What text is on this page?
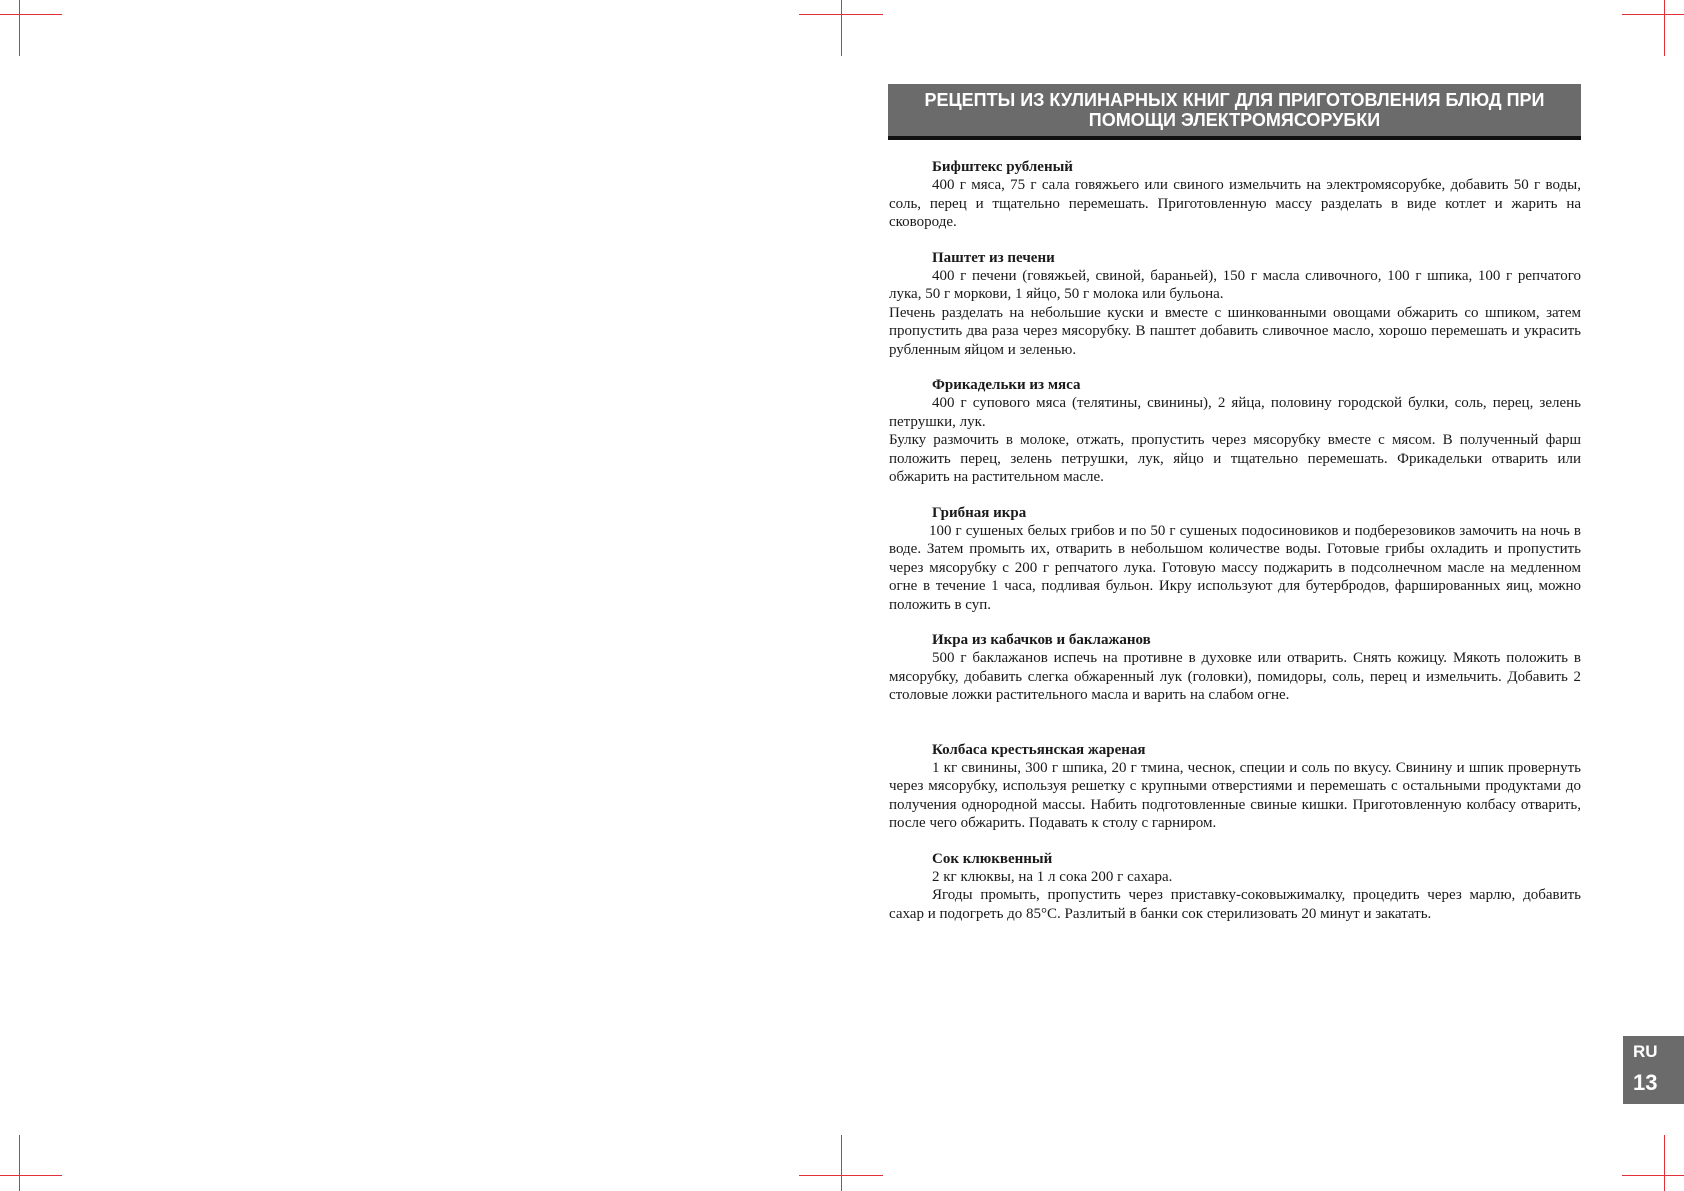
РЕЦЕПТЫ ИЗ КУЛИНАРНЫХ КНИГ ДЛЯ ПРИГОТОВЛЕНИЯ БЛЮД ПРИ
ПОМОЩИ ЭЛЕКТРОМЯСОРУБКИ
Бифштекс рубленый

400 г мяса, 75 г сала говяжьего или свиного измельчить на электромясорубке, добавить 50 г воды, соль, перец и тщательно перемешать. Приготовленную массу разделать в виде котлет и жарить на сковороде.

Паштет из печени

400 г печени (говяжьей, свиной, бараньей), 150 г масла сливочного, 100 г шпика, 100 г репчатого лука, 50 г моркови, 1 яйцо, 50 г молока или бульона.

Печень разделать на небольшие куски и вместе с шинкованными овощами обжарить со шпиком, затем пропустить два раза через мясорубку. В паштет добавить сливочное масло, хорошо перемешать и украсить рубленным яйцом и зеленью.

Фрикадельки из мяса

400 г супового мяса (телятины, свинины), 2 яйца, половину городской булки, соль, перец, зелень петрушки, лук.

Булку размочить в молоке, отжать, пропустить через мясорубку вместе с мясом. В полученный фарш положить перец, зелень петрушки, лук, яйцо и тщательно перемешать. Фрикадельки отварить или обжарить на растительном масле.

Грибная икра

100 г сушеных белых грибов и по 50 г сушеных подосиновиков и подберезовиков замочить на ночь в воде. Затем промыть их, отварить в небольшом количестве воды. Готовые грибы охладить и пропустить через мясорубку с 200 г репчатого лука. Готовую массу поджарить в подсолнечном масле на медленном огне в течение 1 часа, подливая бульон. Икру используют для бутербродов, фаршированных яиц, можно положить в суп.

Икра из кабачков и баклажанов

500 г баклажанов испечь на противне в духовке или отварить. Снять кожицу. Мякоть положить в мясорубку, добавить слегка обжаренный лук (головки), помидоры, соль, перец и измельчить. Добавить 2 столовые ложки растительного масла и варить на слабом огне.

Колбаса крестьянская жареная

1 кг свинины, 300 г шпика, 20 г тмина, чеснок, специи и соль по вкусу. Свинину и шпик провернуть через мясорубку, используя решетку с крупными отверстиями и перемешать с остальными продуктами до получения однородной массы. Набить подготовленные свиные кишки. Приготовленную колбасу отварить, после чего обжарить. Подавать к столу с гарниром.

Сок клюквенный

2 кг клюквы, на 1 л сока 200 г сахара.

Ягоды промыть, пропустить через приставку-соковыжималку, процедить через марлю, добавить сахар и подогреть до 85°С. Разлитый в банки сок стерилизовать 20 минут и закатать.

RU
13
